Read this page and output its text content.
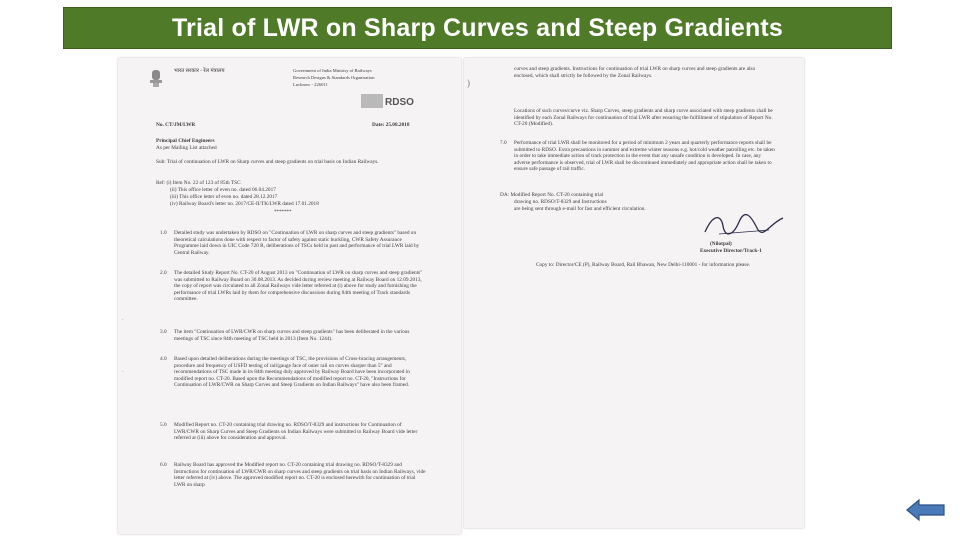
Trial of LWR on Sharp Curves and Steep Gradients
भारत सरकार - रेल मंत्रालय	Government of India Ministry of Railways
Research Designs & Standards Organisation
Lucknow - 226011
RDSO
No. CT/JM/LWR	Date: 25.08.2018
Principal Chief Engineers
As per Mailing List attached
Sub: Trial of continuation of LWR on Sharp curves and steep gradients on trial basis on Indian Railways.
Ref: (i) Item No. 22 of 123 of 85th TSC
(ii) This office letter of even no. dated 06.04.2017
(iii) This office letter of even no. dated 28.12.2017
(iv) Railway Board's letter no. 2017/CE-II/TK/LWR dated 17.01.2018
*******
1.0 Detailed study was undertaken by RDSO on "Continuation of LWR on sharp curves and steep gradients" based on theoretical calculations done with respect to factor of safety against static buckling, CWR Safety Assurance Programme laid down in UIC Code 720 R, deliberations of TSCs held in past and performance of trial LWR laid by Central Railway.
2.0 The detailed Study Report No. CT-20 of August 2013 on "Continuation of LWR on sharp curves and steep gradients" was submitted to Railway Board on 30.08.2013. As decided during review meeting at Railway Board on 12.09.2013, the copy of report was circulated to all Zonal Railways vide letter referred at (i) above for study and furnishing the performance of trial LWRs laid by them for comprehensive discussions during 84th meeting of Track standards committee.
3.0 The item "Continuation of LWR/CWR on sharp curves and steep gradients" has been deliberated in the various meetings of TSC since 84th meeting of TSC held in 2013 (Item No. 1244).
4.0 Based upon detailed deliberations during the meetings of TSC, the provisions of Cross-bracing arrangements, procedure and frequency of USFD testing of rail/gauge face of outer rail on curves sharper than 5° and recommendations of TSC made in its 84th meeting duly approved by Railway Board have been incorporated in modified report no. CT-20. Based upon the Recommendations of modified report no. CT-20, "Instructions for Continuation of LWR/CWR on Sharp Curves and Steep Gradients on Indian Railways" have also been framed.
5.0 Modified Report no. CT-20 containing trial drawing no. RDSO/T-8329 and instructions for Continuation of LWR/CWR on Sharp Curves and Steep Gradients on Indian Railways were submitted to Railway Board vide letter referred at (iii) above for consideration and approval.
6.0 Railway Board has approved the Modified report no. CT-20 containing trial drawing no. RDSO/T-8329 and Instructions for continuation of LWR/CWR on sharp curves and steep gradients on trial basis on Indian Railways, vide letter referred at (iv) above. The approved modified report no. CT-20 is enclosed herewith for continuation of trial LWR on sharp
.
.
curves and steep gradients. Instructions for continuation of trial LWR on sharp curves and steep gradients are also enclosed, which shall strictly be followed by the Zonal Railways.
Locations of such curves/curve viz. Sharp Curves, steep gradients and sharp curve associated with steep gradients shall be identified by each Zonal Railways for continuation of trial LWR after ensuring the fulfillment of stipulation of Report No. CT-20 (Modified).
7.0 Performance of trial LWR shall be monitored for a period of minimum 2 years and quarterly performance reports shall be submitted to RDSO. Extra precautions in summer and extreme winter seasons e.g. hot/cold weather patrolling etc. be taken in order to take immediate action of track protection in the event that any unsafe condition is developed. In case, any adverse performance is observed, trial of LWR shall be discontinued immediately and appropriate action shall be taken to ensure safe passage of rail traffic.
DA: Modified Report No. CT-20 containing trial
drawing no. RDSO/T-8329 and Instructions
are being sent through e-mail for fast and efficient circulation.
(Nilotpal)
Executive Director/Track-1
Copy to: Director/CE (P), Railway Board, Rail Bhawan, New Delhi-110001 - for information please.
)
